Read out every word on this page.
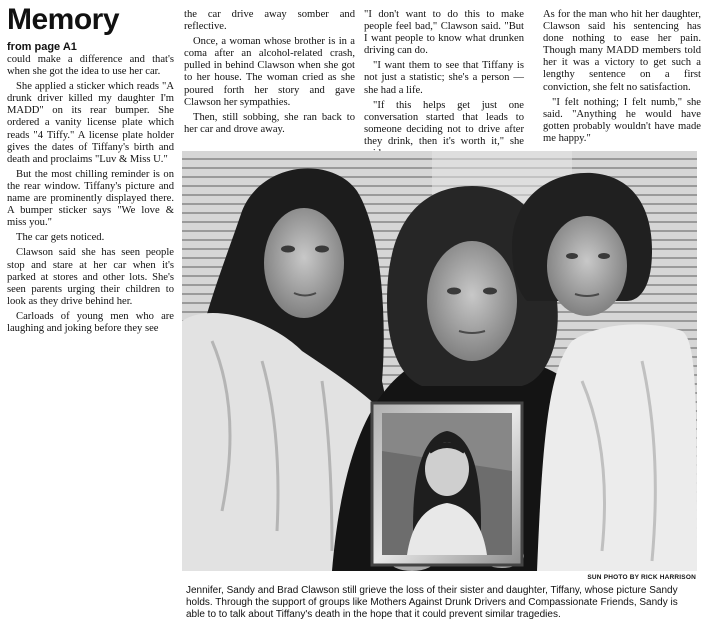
Memory
from page A1

could make a difference and that's when she got the idea to use her car.

She applied a sticker which reads "A drunk driver killed my daughter I'm MADD" on its rear bumper. She ordered a vanity license plate which reads "4 Tiffy." A license plate holder gives the dates of Tiffany's birth and death and proclaims "Luv & Miss U."

But the most chilling reminder is on the rear window. Tiffany's picture and name are prominently displayed there. A bumper sticker says "We love & miss you."

The car gets noticed.

Clawson said she has seen people stop and stare at her car when it's parked at stores and other lots. She's seen parents urging their children to look as they drive behind her.

Carloads of young men who are laughing and joking before they see

the car drive away somber and reflective.

Once, a woman whose brother is in a coma after an alcohol-related crash, pulled in behind Clawson when she got to her house. The woman cried as she poured forth her story and gave Clawson her sympathies.

Then, still sobbing, she ran back to her car and drove away.

"I don't want to do this to make people feel bad," Clawson said. "But I want people to know what drunken driving can do.

"I want them to see that Tiffany is not just a statistic; she's a person — she had a life.

"If this helps get just one conversation started that leads to someone deciding not to drive after they drink, then it's worth it," she

As for the man who hit her daughter, Clawson said his sentencing has done nothing to ease her pain. Though many MADD members told her it was a victory to get such a lengthy sentence on a first conviction, she felt no satisfaction.

"I felt nothing; I felt numb," she said. "Anything he would have gotten probably wouldn't have made me happy."

SUN PHOTO BY RICK HARRISON

Jennifer, Sandy and Brad Clawson still grieve the loss of their sister and daughter, Tiffany, whose picture Sandy holds. Through the support of groups like Mothers Against Drunk Drivers and Compassionate Friends, Sandy is able to to talk about Tiffany's death in the hope that it could prevent similar tragedies.
